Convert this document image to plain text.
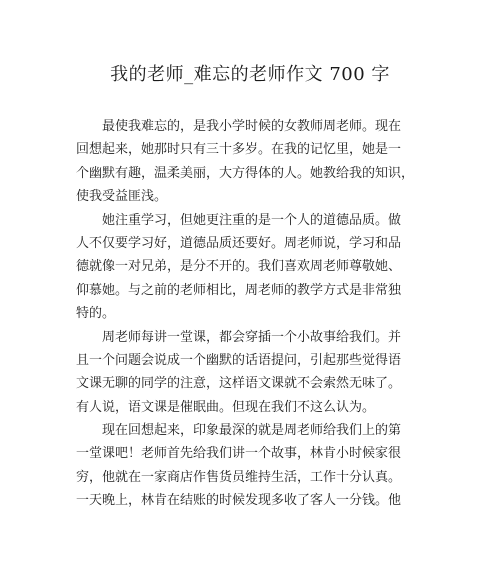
我的老师_难忘的老师作文 700 字
最使我难忘的，是我小学时候的女教师周老师。现在
回想起来，她那时只有三十多岁。在我的记忆里，她是一
个幽默有趣，温柔美丽，大方得体的人。她教给我的知识，
使我受益匪浅。
她注重学习，但她更注重的是一个人的道德品质。做
人不仅要学习好，道德品质还要好。周老师说，学习和品
德就像一对兄弟，是分不开的。我们喜欢周老师尊敬她、
仰慕她。与之前的老师相比，周老师的教学方式是非常独
特的。
周老师每讲一堂课，都会穿插一个小故事给我们。并
且一个问题会说成一个幽默的话语提问，引起那些觉得语
文课无聊的同学的注意，这样语文课就不会索然无味了。
有人说，语文课是催眠曲。但现在我们不这么认为。
现在回想起来，印象最深的就是周老师给我们上的第
一堂课吧！老师首先给我们讲一个故事，林肯小时候家很
穷，他就在一家商店作售货员维持生活，工作十分认真。
一天晚上，林肯在结账的时候发现多收了客人一分钱。他
